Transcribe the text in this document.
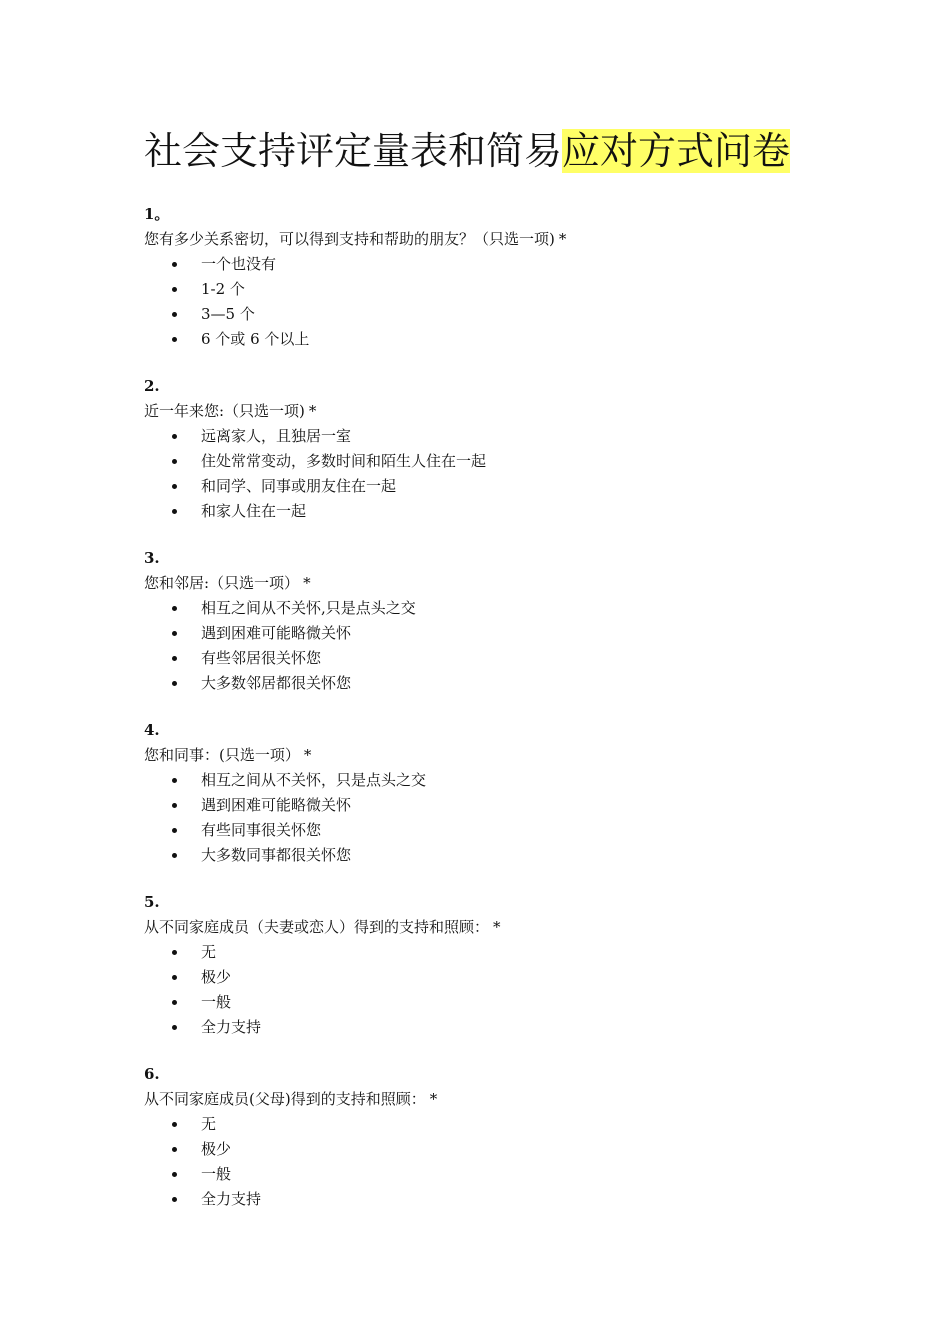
社会支持评定量表和简易应对方式问卷
1。
您有多少关系密切，可以得到支持和帮助的朋友？（只选一项) *
一个也没有
1-2 个
3—5 个
6 个或 6 个以上
2.
近一年来您:（只选一项) *
远离家人，且独居一室
住处常常变动，多数时间和陌生人住在一起
和同学、同事或朋友住在一起
和家人住在一起
3.
您和邻居:（只选一项） *
相互之间从不关怀,只是点头之交
遇到困难可能略微关怀
有些邻居很关怀您
大多数邻居都很关怀您
4.
您和同事：(只选一项） *
相互之间从不关怀，只是点头之交
遇到困难可能略微关怀
有些同事很关怀您
大多数同事都很关怀您
5.
从不同家庭成员（夫妻或恋人）得到的支持和照顾： *
无
极少
一般
全力支持
6.
从不同家庭成员(父母)得到的支持和照顾： *
无
极少
一般
全力支持
